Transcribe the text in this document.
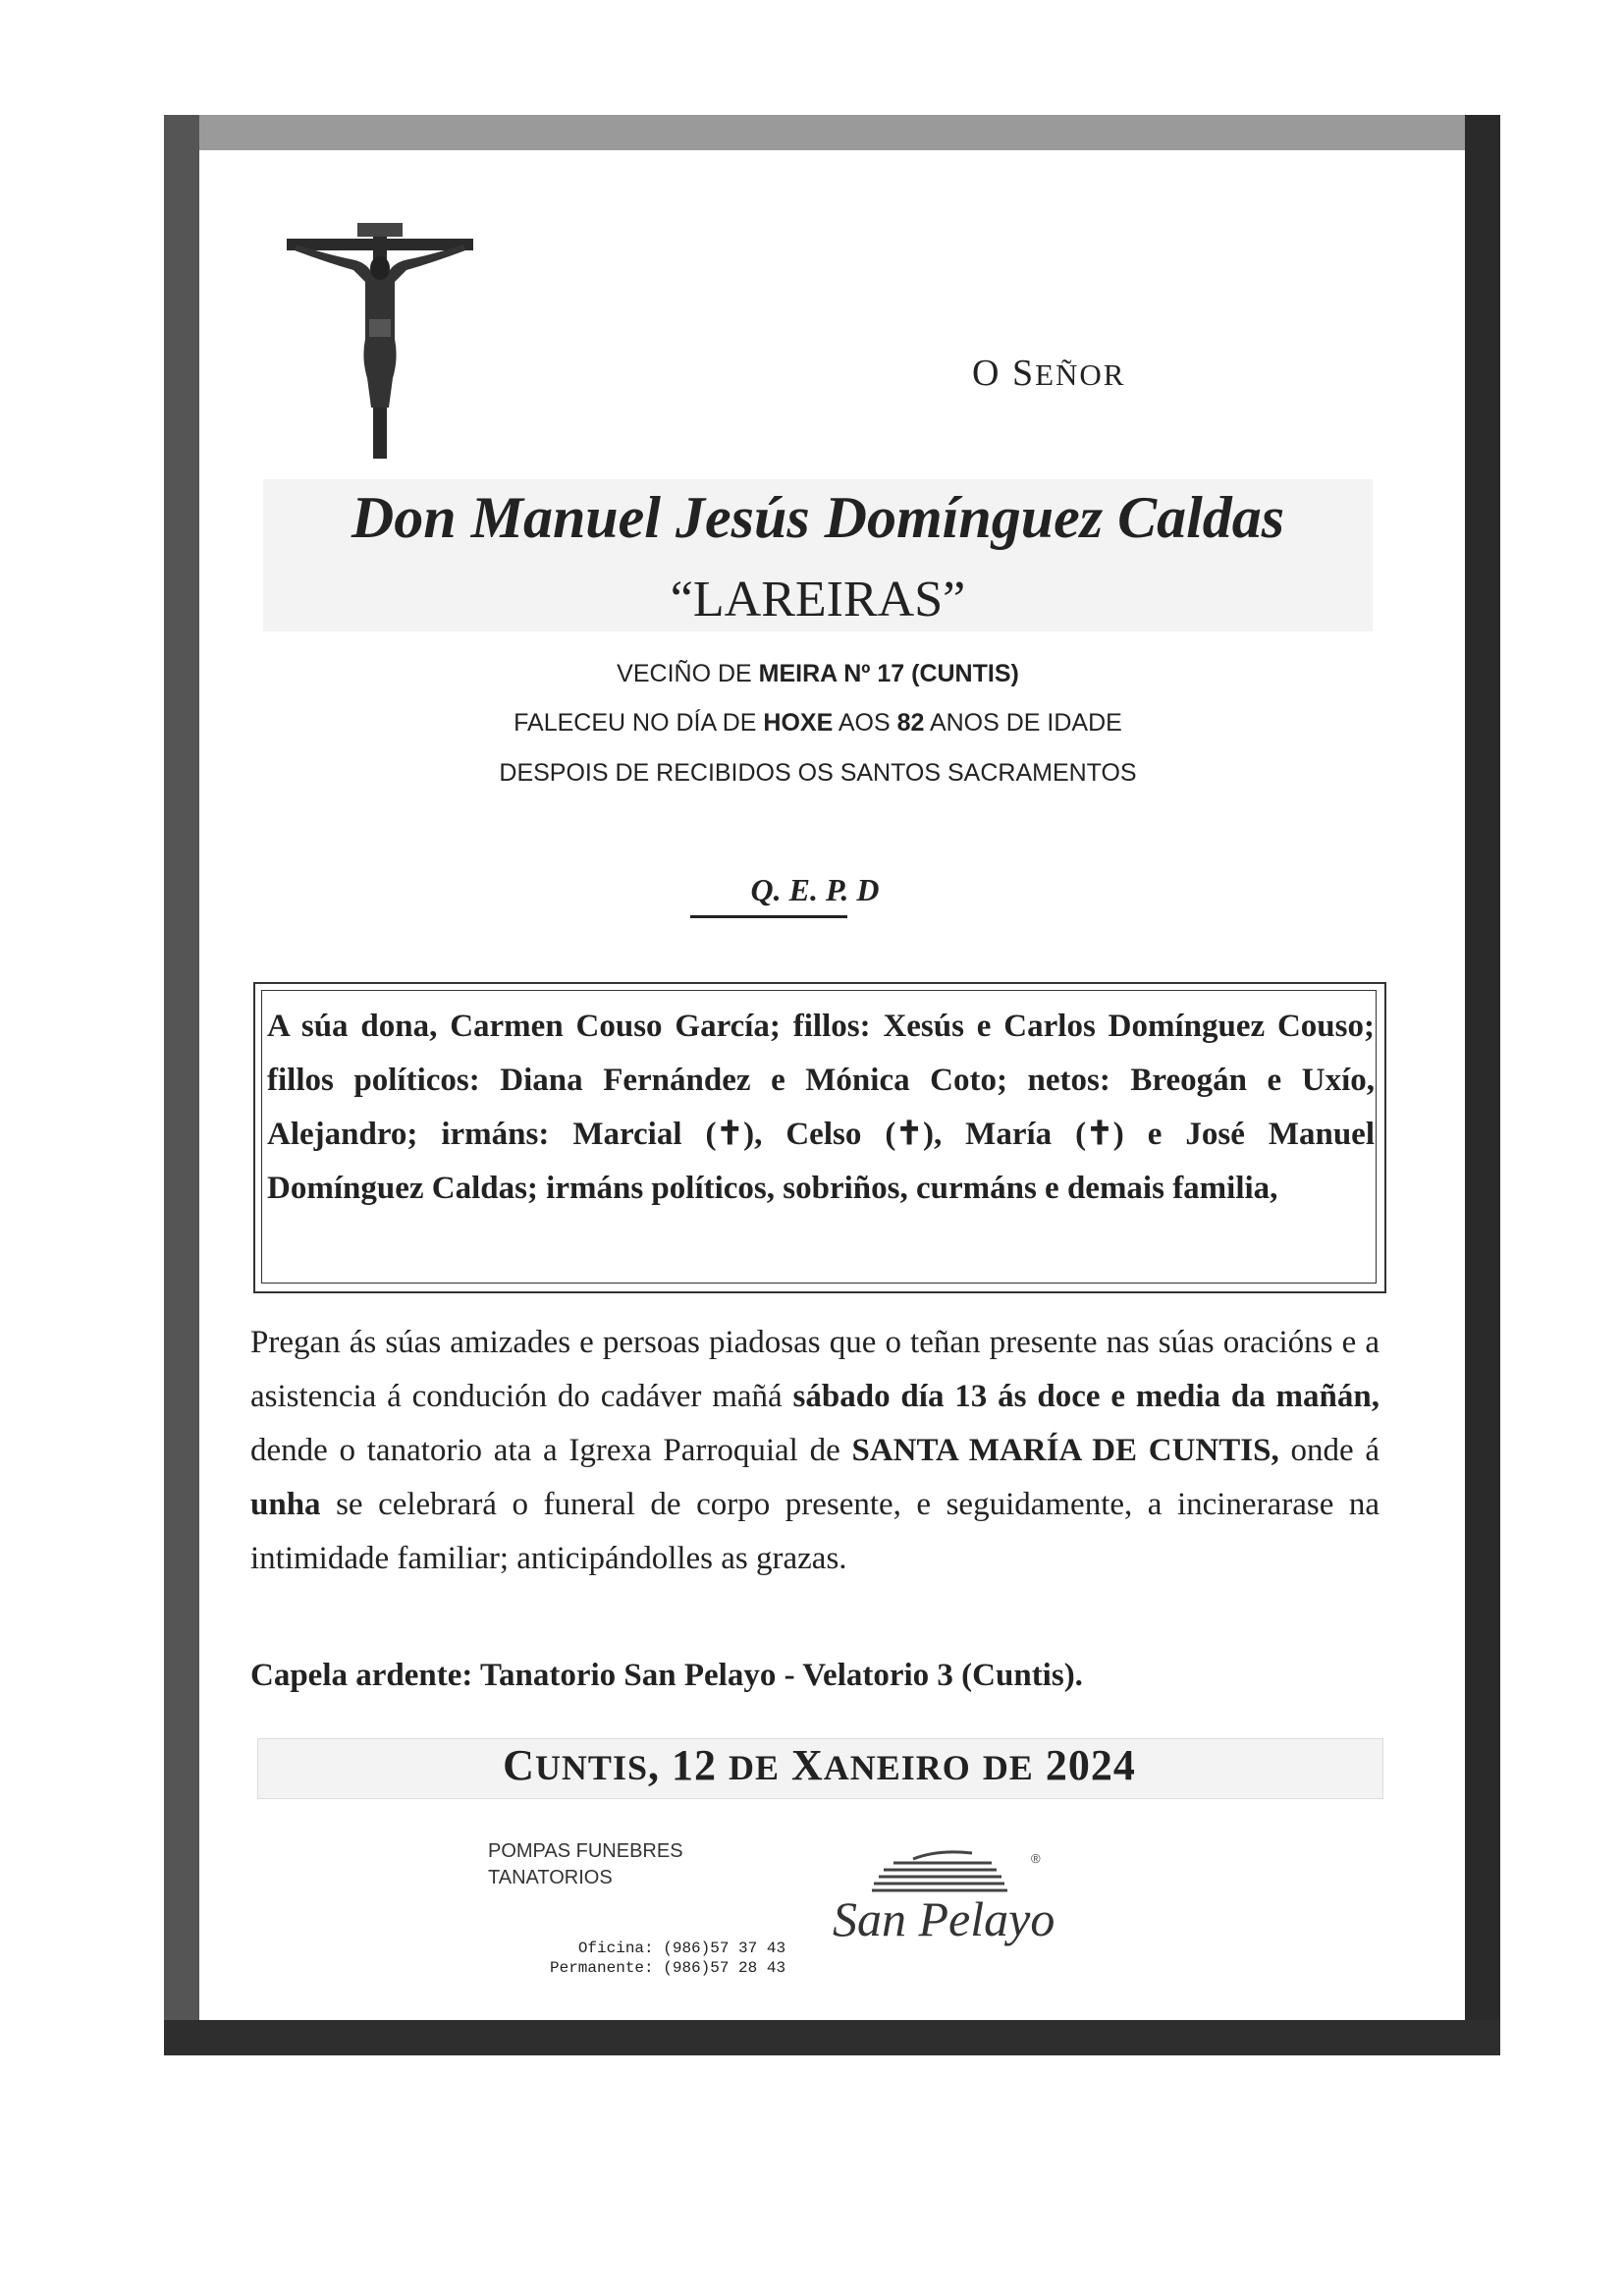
O SEÑOR
Don Manuel Jesús Domínguez Caldas
“LAREIRAS”
VECIÑO DE MEIRA Nº 17 (CUNTIS)
FALECEU NO DÍA DE HOXE AOS 82 ANOS DE IDADE
DESPOIS DE RECIBIDOS OS SANTOS SACRAMENTOS
Q. E. P. D
A súa dona, Carmen Couso García; fillos: Xesús e Carlos Domínguez Couso; fillos políticos: Diana Fernández e Mónica Coto; netos: Breogán e Uxío, Alejandro; irmáns: Marcial (✝), Celso (✝), María (✝) e José Manuel Domínguez Caldas; irmáns políticos, sobriños, curmáns e demais familia,
Pregan ás súas amizades e persoas piadosas que o teñan presente nas súas oracións e a asistencia á condución do cadáver mañá sábado día 13 ás doce e media da mañán, dende o tanatorio ata a Igrexa Parroquial de SANTA MARÍA DE CUNTIS, onde á unha se celebrará o funeral de corpo presente, e seguidamente, a incinerarase na intimidade familiar; anticipándolles as grazas.
Capela ardente: Tanatorio San Pelayo - Velatorio 3 (Cuntis).
CUNTIS, 12 DE XANEIRO DE 2024
POMPAS FUNEBRES
TANATORIOS
Oficina: (986)57 37 43
Permanente: (986)57 28 43
San Pelayo
®
